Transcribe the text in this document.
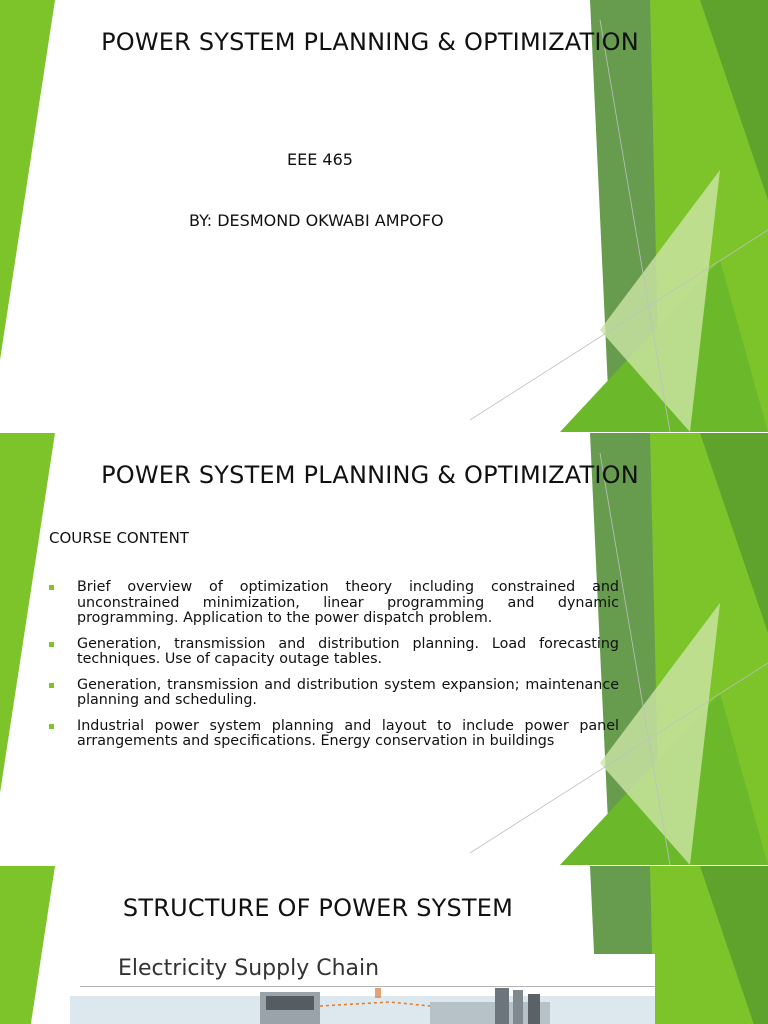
POWER SYSTEM PLANNING & OPTIMIZATION
EEE 465
BY: DESMOND OKWABI AMPOFO
POWER SYSTEM PLANNING & OPTIMIZATION
COURSE CONTENT
Brief overview of optimization theory including constrained and unconstrained minimization, linear programming and dynamic programming. Application to the power dispatch problem.
Generation, transmission and distribution planning. Load forecasting techniques. Use of capacity outage tables.
Generation, transmission and distribution system expansion; maintenance planning and scheduling.
Industrial power system planning and layout to include power panel arrangements and specifications. Energy conservation in buildings
STRUCTURE OF POWER SYSTEM
Electricity Supply Chain
